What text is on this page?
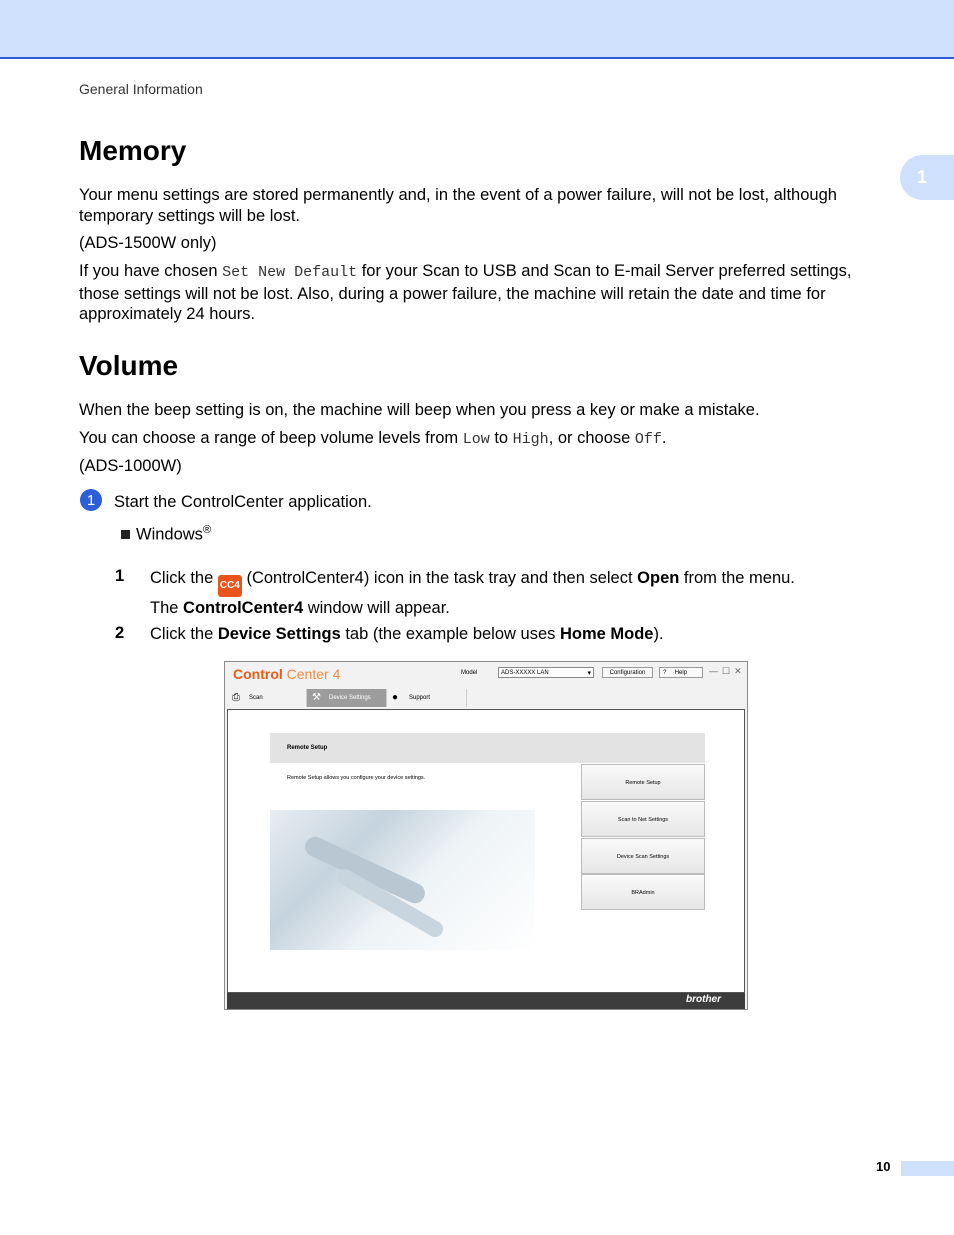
General Information
1
Memory

Your menu settings are stored permanently and, in the event of a power failure, will not be lost, although temporary settings will be lost.

(ADS-1500W only)

If you have chosen Set New Default for your Scan to USB and Scan to E-mail Server preferred settings, those settings will not be lost. Also, during a power failure, the machine will retain the date and time for approximately 24 hours.

Volume

When the beep setting is on, the machine will beep when you press a key or make a mistake.

You can choose a range of beep volume levels from Low to High, or choose Off.

(ADS-1000W)

1	Start the ControlCenter application.

Windows®
1 Click the CC4 (ControlCenter4) icon in the task tray and then select Open from the menu.
The ControlCenter4 window will appear.

2 Click the Device Settings tab (the example below uses Home Mode).

Control Center 4	Model	ADS-XXXXX LAN ▾	Configuration	? Help	—☐✕
⎙ Scan	⚒ Device Settings	● Support
Remote Setup
Remote Setup allows you configure your device settings.
Remote Setup
Scan to Net Settings
Device Scan Settings
BRAdmin
brother
10
